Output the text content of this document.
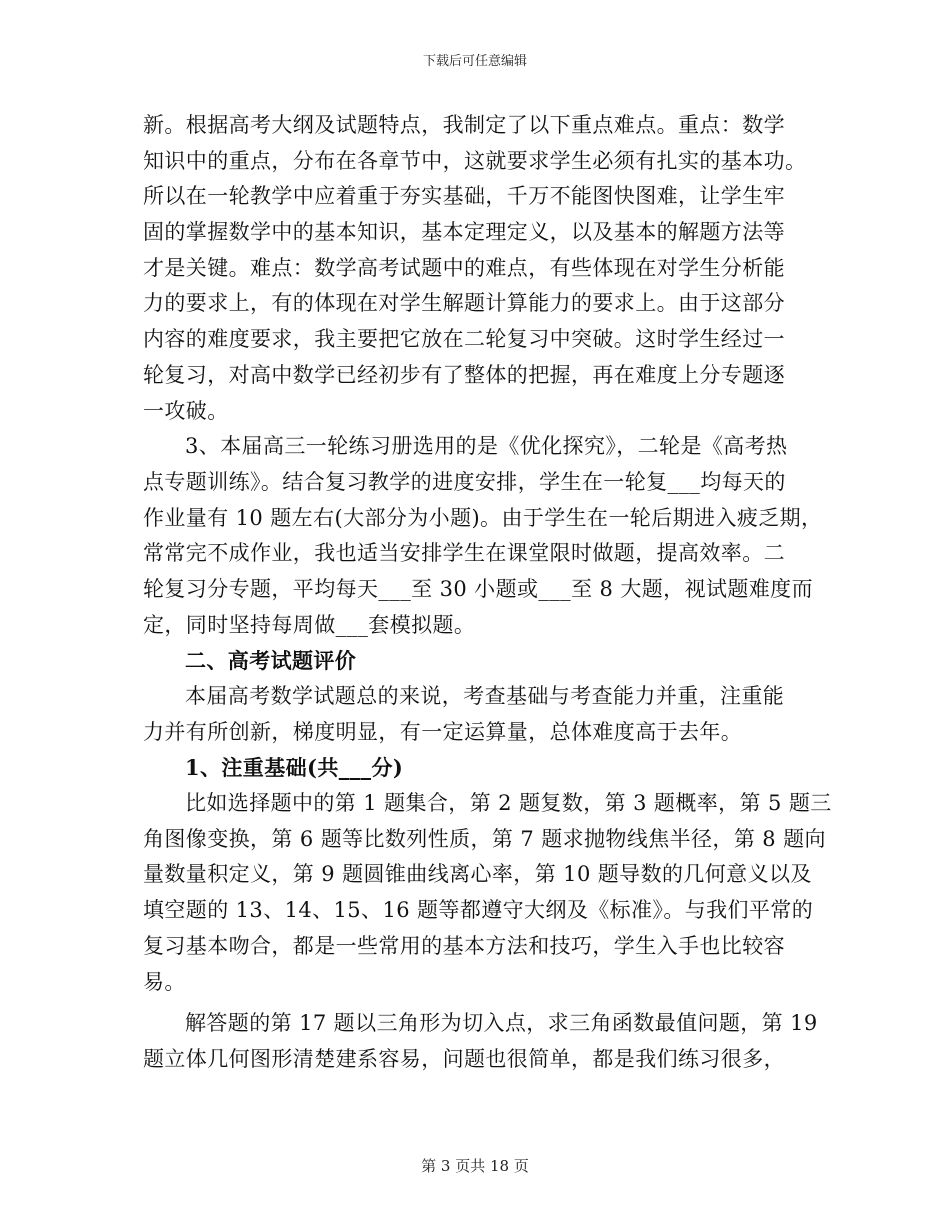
下载后可任意编辑
新。根据高考大纲及试题特点，我制定了以下重点难点。重点：数学
知识中的重点，分布在各章节中，这就要求学生必须有扎实的基本功。
所以在一轮教学中应着重于夯实基础，千万不能图快图难，让学生牢
固的掌握数学中的基本知识，基本定理定义，以及基本的解题方法等
才是关键。难点：数学高考试题中的难点，有些体现在对学生分析能
力的要求上，有的体现在对学生解题计算能力的要求上。由于这部分
内容的难度要求，我主要把它放在二轮复习中突破。这时学生经过一
轮复习，对高中数学已经初步有了整体的把握，再在难度上分专题逐
一攻破。
3、本届高三一轮练习册选用的是《优化探究》，二轮是《高考热
点专题训练》。结合复习教学的进度安排，学生在一轮复___均每天的
作业量有 10 题左右(大部分为小题)。由于学生在一轮后期进入疲乏期，
常常完不成作业，我也适当安排学生在课堂限时做题，提高效率。二
轮复习分专题，平均每天___至 30 小题或___至 8 大题，视试题难度而
定，同时坚持每周做___套模拟题。
二、高考试题评价
本届高考数学试题总的来说，考查基础与考查能力并重，注重能
力并有所创新，梯度明显，有一定运算量，总体难度高于去年。
1、注重基础(共___分)
比如选择题中的第 1 题集合，第 2 题复数，第 3 题概率，第 5 题三
角图像变换，第 6 题等比数列性质，第 7 题求抛物线焦半径，第 8 题向
量数量积定义，第 9 题圆锥曲线离心率，第 10 题导数的几何意义以及
填空题的 13、14、15、16 题等都遵守大纲及《标准》。与我们平常的
复习基本吻合，都是一些常用的基本方法和技巧，学生入手也比较容
易。
解答题的第 17 题以三角形为切入点，求三角函数最值问题，第 19
题立体几何图形清楚建系容易，问题也很简单，都是我们练习很多，
第 3 页共 18 页
